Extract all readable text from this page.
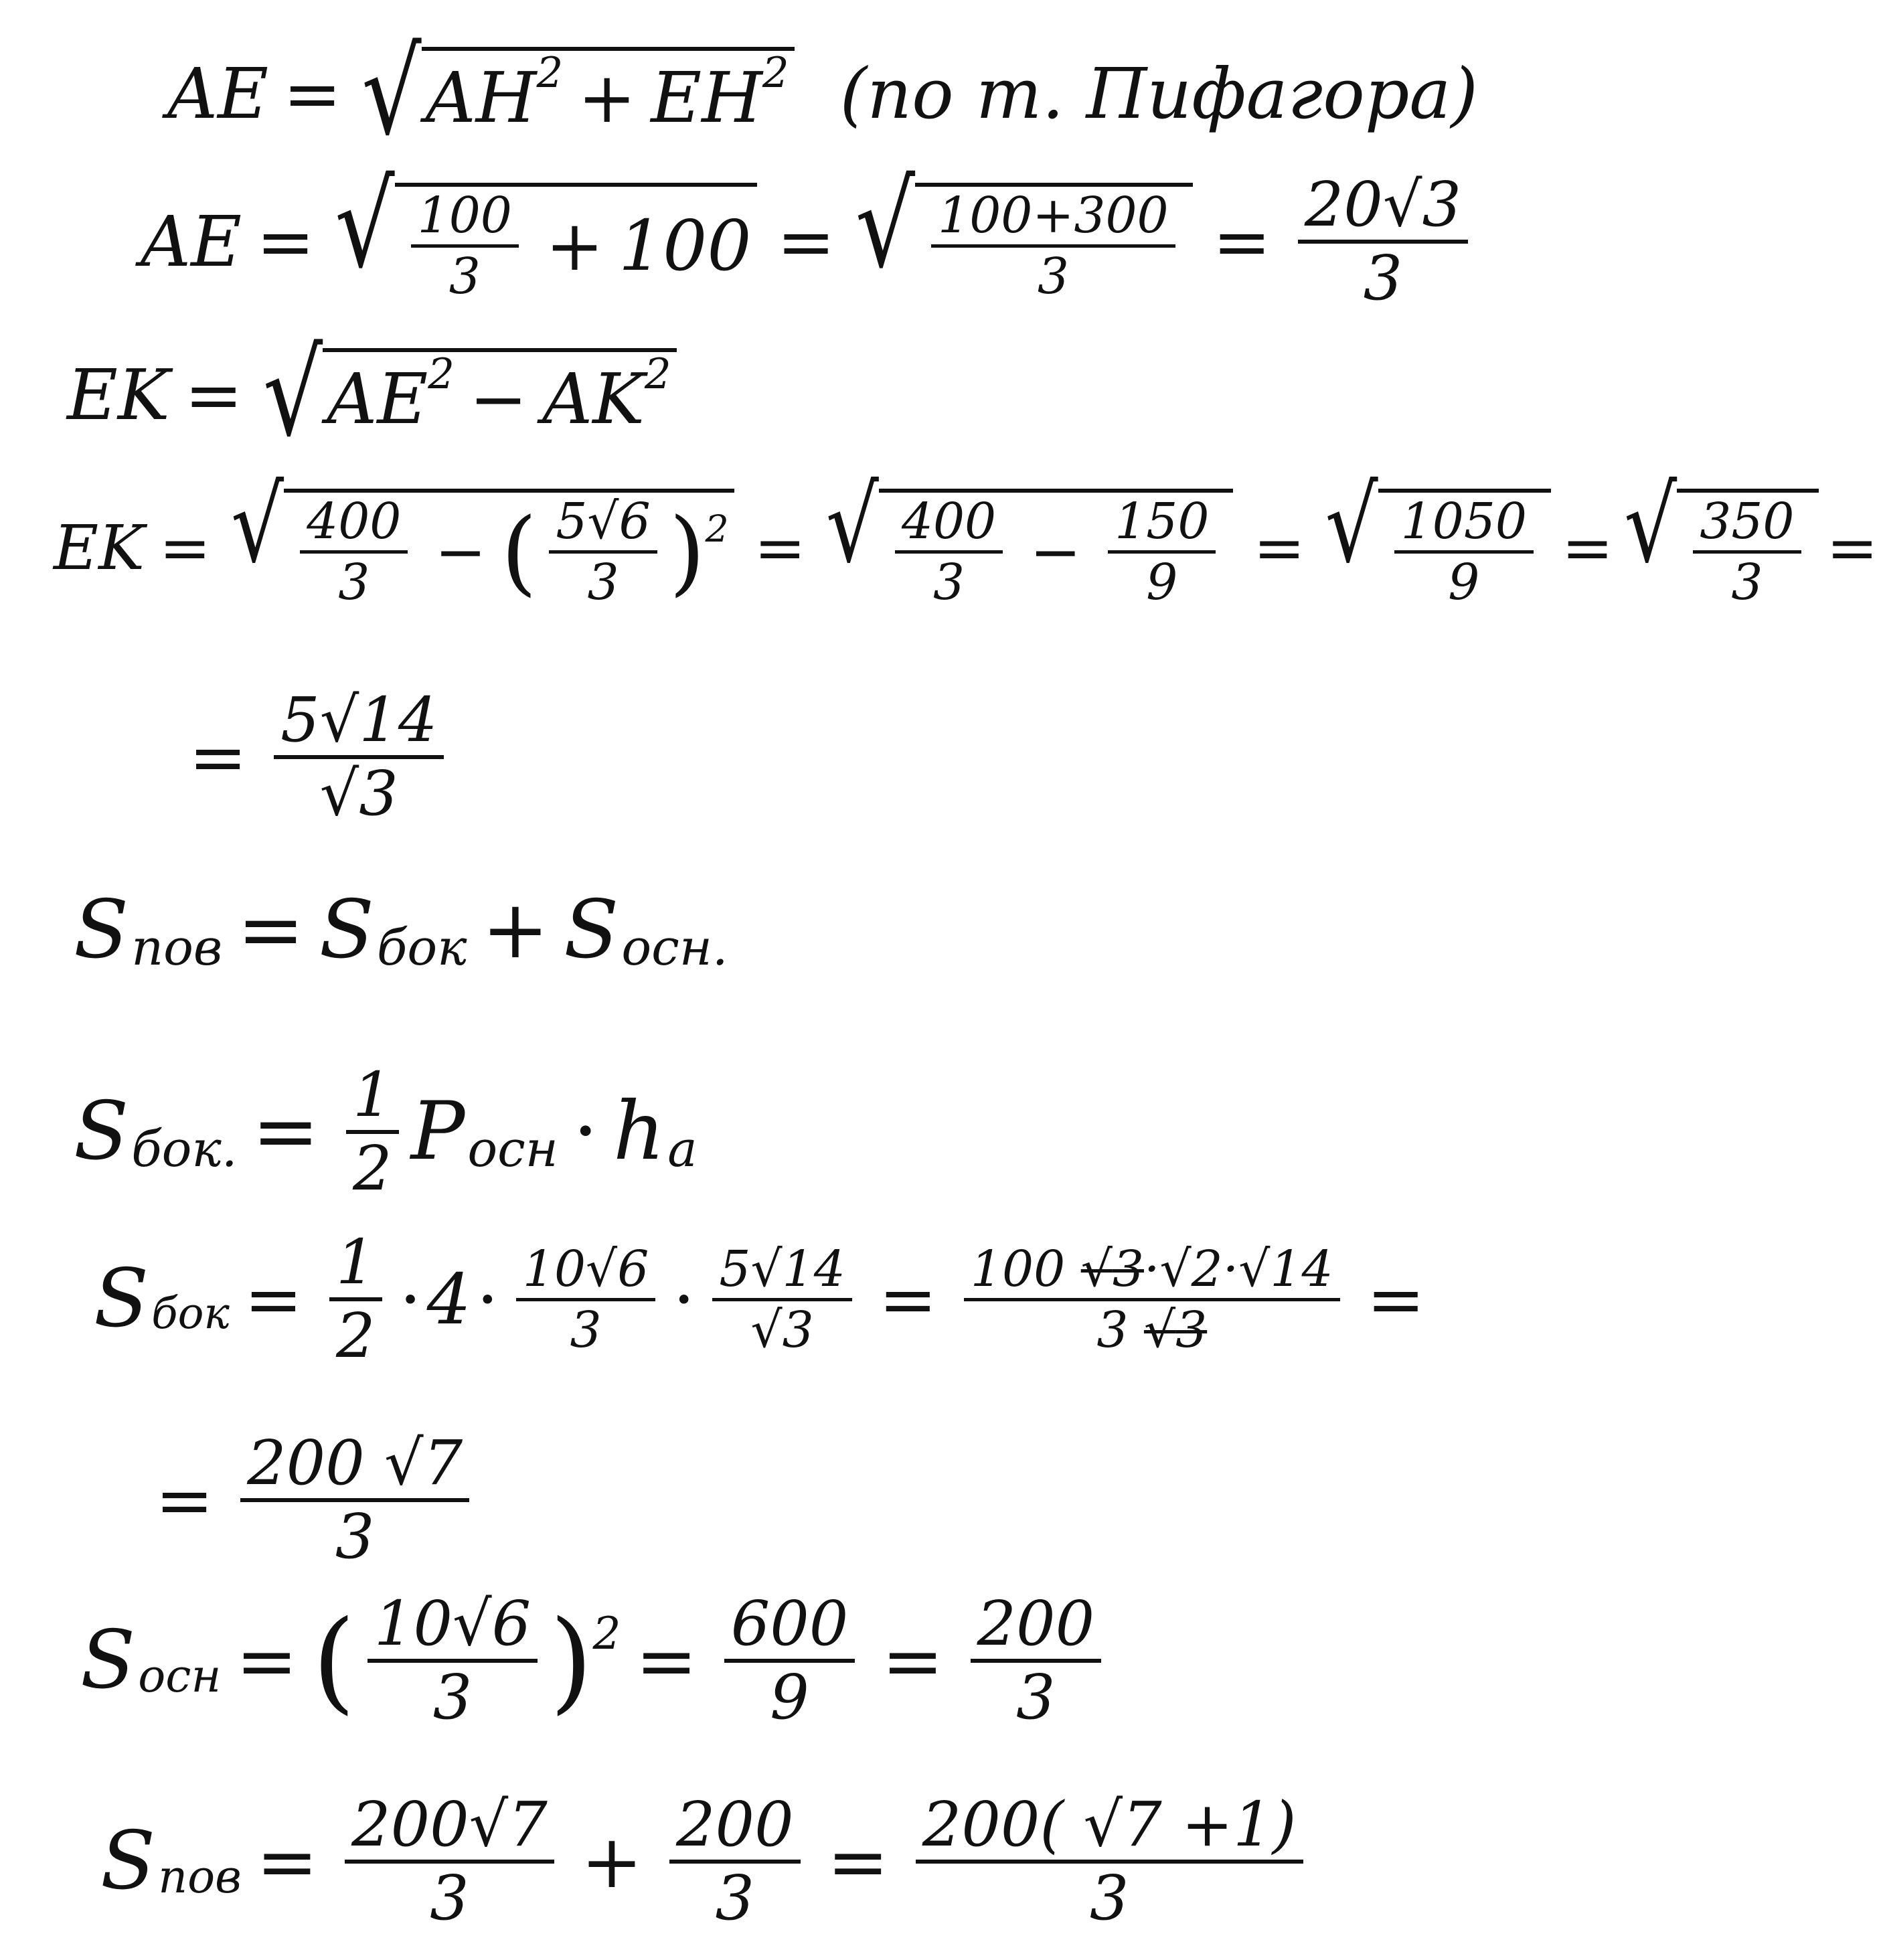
AE = √ AH 2 + EH 2 (по т. Пифагора)
AE = √ $\frac{100}{3} + 100$ = √ $\frac{100+300}{3} = \frac{20√3}{3}$
EK = √ AE 2 − AK 2
EK = √ $\frac{400}{3}$ − ( $\frac{5√6}{3}$ ) 2 = √ $\frac{400}{3} - \frac{150}{9}$ = √ $\frac{1050}{9}$ = √ $\frac{350}{3}$ =
= $\frac{5√14}{√3}$
S пов = S бок + S осн.
S бок. = $\frac{1}{2}$ P осн · h a
S бок = $\frac{1}{2} \cdot 4 \cdot \frac{10√6}{3} \cdot \frac{5√14}{√3} = \frac{100 √3\cdot√2\cdot√14}{3 √3}$ =
= $\frac{200 √7}{3}$
S осн = ( $\frac{10√6}{3}$ ) $2 = \frac{600}{9} = \frac{200}{3}$
S пов = $\frac{200√7}{3} + \frac{200}{3} = \frac{200( √7 +1)}{3}$
